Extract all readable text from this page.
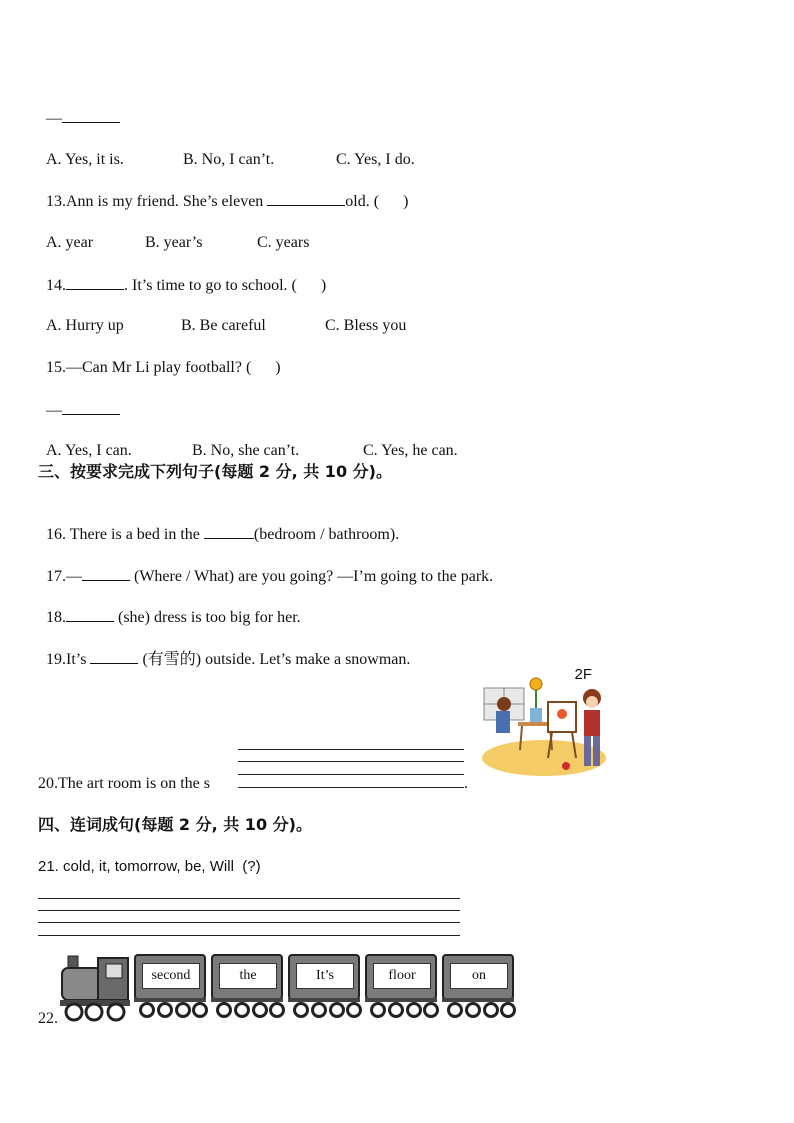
—

A. Yes, it is.	B. No, I can’t.	C. Yes, I do.

13.Ann is my friend. She’s eleven	old. (      )

A. year	B. year’s	C. years

14.	. It’s time to go to school. (      )

A. Hurry up	B. Be careful	C. Bless you

15.—Can Mr Li play football? (      )

—

A. Yes, I can.	B. No, she can’t.	C. Yes, he can.

三、按要求完成下列句子(每题 2 分, 共 10 分)。

16. There is a bed in the	(bedroom / bathroom).

17.—	(Where / What) are you going? —I’m going to the park.

18.	(she) dress is too big for her.

19.It’s	(有雪的) outside. Let’s make a snowman.

2F
20.The art room is on the s	.
四、连词成句(每题 2 分, 共 10 分)。
21. cold, it, tomorrow, be, Will  (?)
22.
second	the	It’s	floor	on
